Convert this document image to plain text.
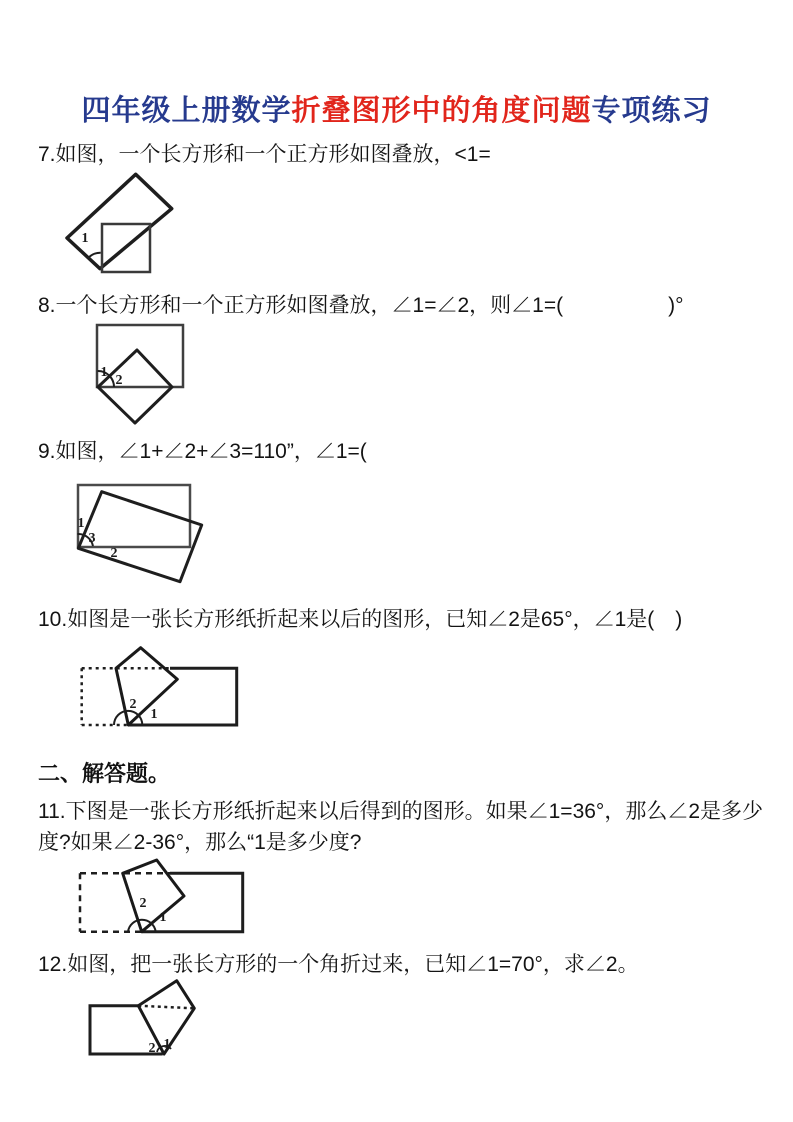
四年级上册数学折叠图形中的角度问题专项练习
7.如图，一个长方形和一个正方形如图叠放，<1=
1
8.一个长方形和一个正方形如图叠放，∠1=∠2，则∠1=(　　　　　)°
1
2
9.如图，∠1+∠2+∠3=110”，∠1=(
1
3
2
10.如图是一张长方形纸折起来以后的图形，已知∠2是65°，∠1是(　)
2
1
二、解答题。
11.下图是一张长方形纸折起来以后得到的图形。如果∠1=36°，那么∠2是多少
度?如果∠2-36°，那么“1是多少度?
2
1
12.如图，把一张长方形的一个角折过来，已知∠1=70°，求∠2。
2 1
